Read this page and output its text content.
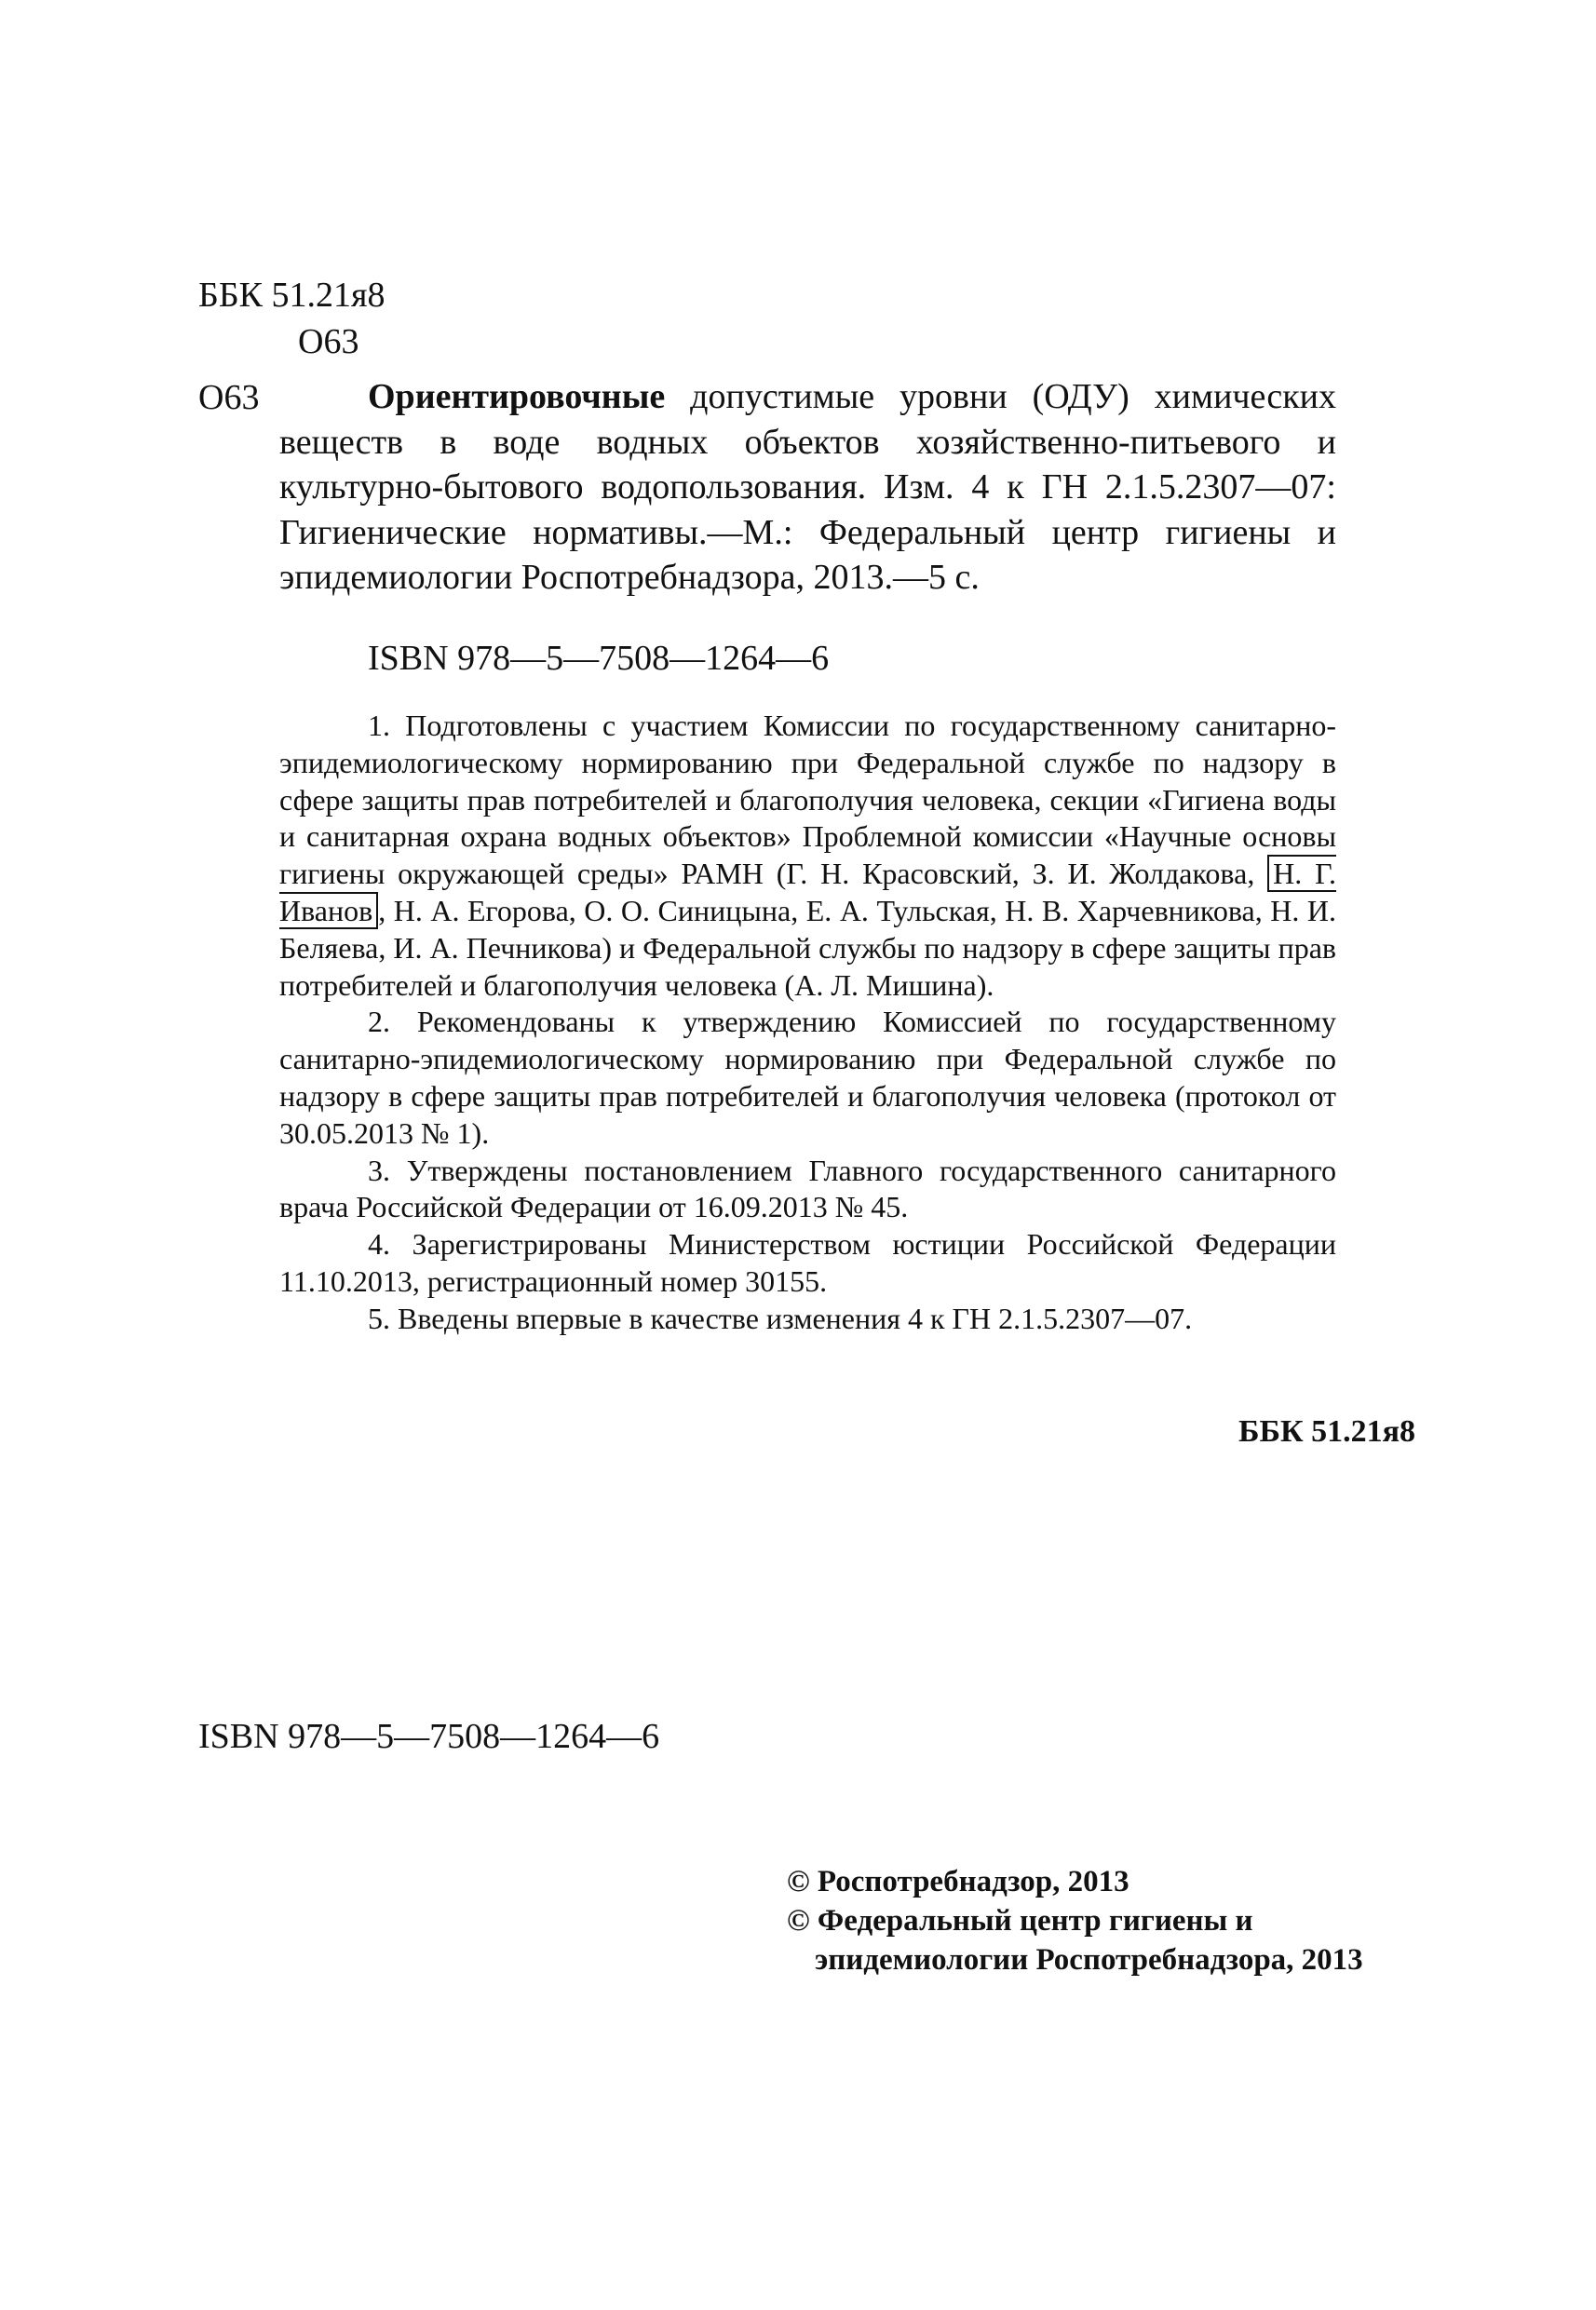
ББК 51.21я8
О63
О63	Ориентировочные допустимые уровни (ОДУ) химических веществ в воде водных объектов хозяйственно-питьевого и культурно-бытового водопользования. Изм. 4 к ГН 2.1.5.2307—07: Гигиенические нормативы.—М.: Федеральный центр гигиены и эпидемиологии Роспотребнадзора, 2013.—5 с.
ISBN 978—5—7508—1264—6

1. Подготовлены с участием Комиссии по государственному санитарно-эпидемиологическому нормированию при Федеральной службе по надзору в сфере защиты прав потребителей и благополучия человека, секции «Гигиена воды и санитарная охрана водных объектов» Проблемной комиссии «Научные основы гигиены окружающей среды» РАМН (Г. Н. Красовский, З. И. Жолдакова, Н. Г. Иванов , Н. А. Егорова, О. О. Синицына, Е. А. Тульская, Н. В. Харчевникова, Н. И. Беляева, И. А. Печникова) и Федеральной службы по надзору в сфере защиты прав потребителей и благополучия человека (А. Л. Мишина).

2. Рекомендованы к утверждению Комиссией по государственному санитарно-эпидемиологическому нормированию при Федеральной службе по надзору в сфере защиты прав потребителей и благополучия человека (протокол от 30.05.2013 № 1).

3. Утверждены постановлением Главного государственного санитарного врача Российской Федерации от 16.09.2013 № 45.

4. Зарегистрированы Министерством юстиции Российской Федерации 11.10.2013, регистрационный номер 30155.

5. Введены впервые в качестве изменения 4 к ГН 2.1.5.2307—07.

ББК 51.21я8
ISBN 978—5—7508—1264—6
© Роспотребнадзор, 2013
© Федеральный центр гигиены и
эпидемиологии Роспотребнадзора, 2013
